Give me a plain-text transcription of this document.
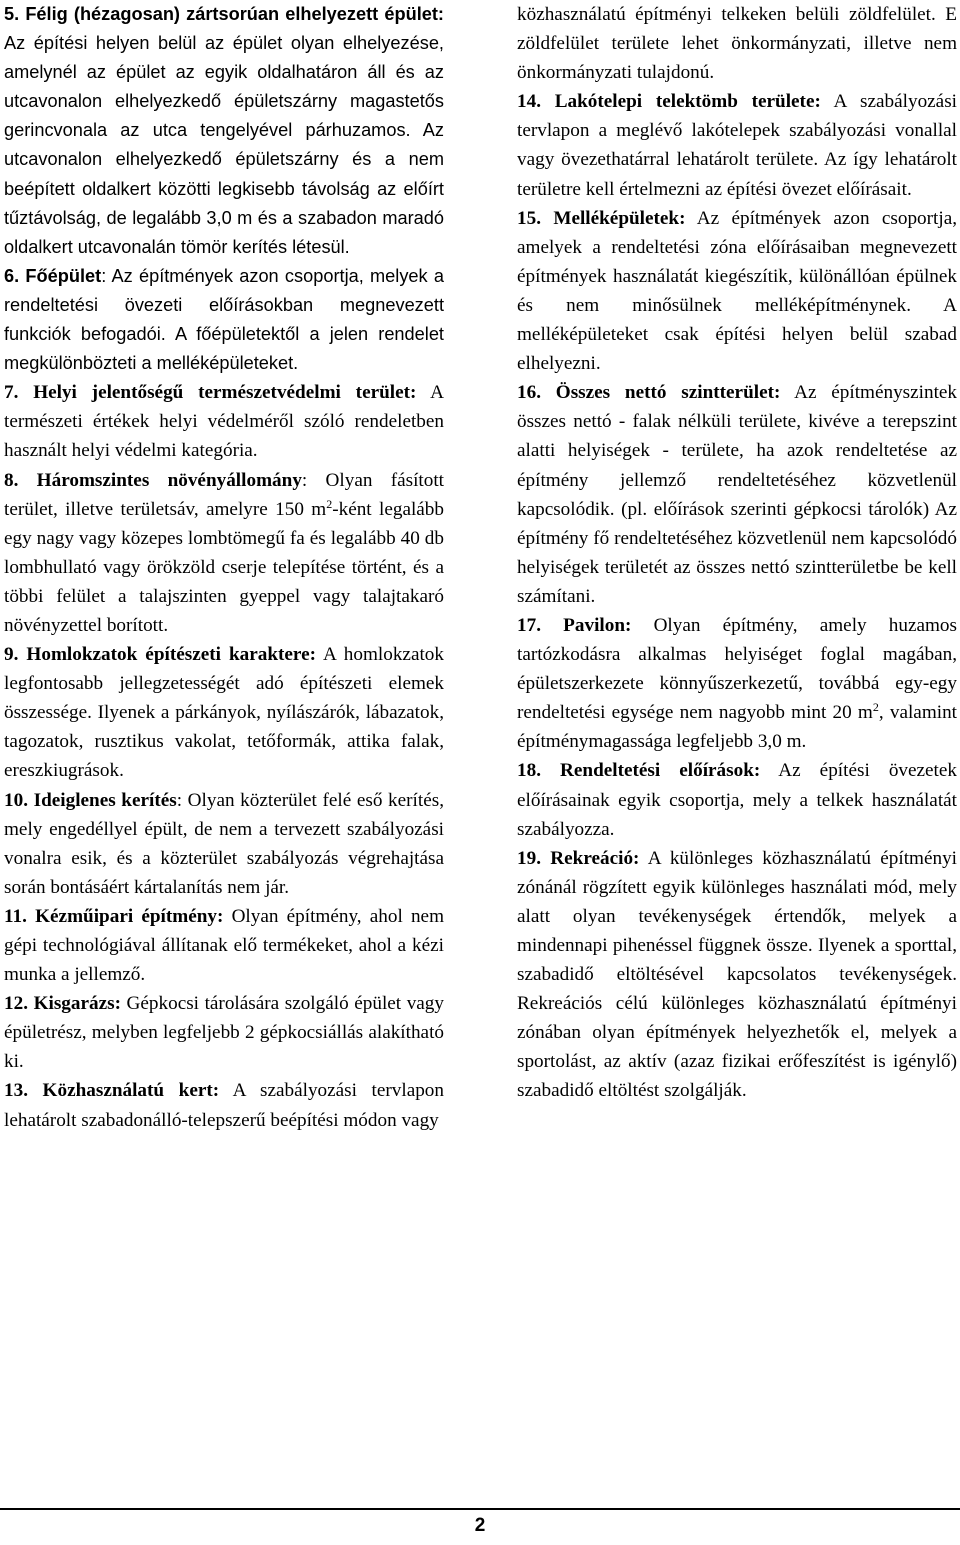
5. Félig (hézagosan) zártsorúan elhelyezett épület: Az építési helyen belül az épület olyan elhelyezése, amelynél az épület az egyik oldalhatáron áll és az utcavonalon elhelyezkedő épületszárny magastetős gerincvonala az utca tengelyével párhuzamos. Az utcavonalon elhelyezkedő épületszárny és a nem beépített oldalkert közötti legkisebb távolság az előírt tűztávolság, de legalább 3,0 m és a szabadon maradó oldalkert utcavonalán tömör kerítés létesül.

6. Főépület: Az építmények azon csoportja, melyek a rendeltetési övezeti előírásokban megnevezett funkciók befogadói. A főépületektől a jelen rendelet megkülönbözteti a melléképületeket.

7. Helyi jelentőségű természetvédelmi terület: A természeti értékek helyi védelméről szóló rendeletben használt helyi védelmi kategória.

8. Háromszintes növényállomány: Olyan fásított terület, illetve területsáv, amelyre 150 $m^2$-ként legalább egy nagy vagy közepes lombtömegű fa és legalább 40 db lombhullató vagy örökzöld cserje telepítése történt, és a többi felület a talajszinten gyeppel vagy talajtakaró növényzettel borított.

9. Homlokzatok építészeti karaktere: A homlokzatok legfontosabb jellegzetességét adó építészeti elemek összessége. Ilyenek a párkányok, nyílászárók, lábazatok, tagozatok, rusztikus vakolat, tetőformák, attika falak, ereszkiugrások.

10. Ideiglenes kerítés: Olyan közterület felé eső kerítés, mely engedéllyel épült, de nem a tervezett szabályozási vonalra esik, és a közterület szabályozás végrehajtása során bontásáért kártalanítás nem jár.

11. Kézműipari építmény: Olyan építmény, ahol nem gépi technológiával állítanak elő termékeket, ahol a kézi munka a jellemző.

12. Kisgarázs: Gépkocsi tárolására szolgáló épület vagy épületrész, melyben legfeljebb 2 gépkocsiállás alakítható ki.

13. Közhasználatú kert: A szabályozási tervlapon lehatárolt szabadonálló-telepszerű beépítési módon vagy

közhasználatú építményi telkeken belüli zöldfelület. E zöldfelület területe lehet önkormányzati, illetve nem önkormányzati tulajdonú.

14. Lakótelepi telektömb területe: A szabályozási tervlapon a meglévő lakótelepek szabályozási vonallal vagy övezethatárral lehatárolt területe. Az így lehatárolt területre kell értelmezni az építési övezet előírásait.

15. Melléképületek: Az építmények azon csoportja, amelyek a rendeltetési zóna előírásaiban megnevezett építmények használatát kiegészítik, különállóan épülnek és nem minősülnek melléképítménynek. A melléképületeket csak építési helyen belül szabad elhelyezni.

16. Összes nettó szintterület: Az építményszintek összes nettó - falak nélküli területe, kivéve a terepszint alatti helyiségek - területe, ha azok rendeltetése az építmény jellemző rendeltetéséhez közvetlenül kapcsolódik. (pl. előírások szerinti gépkocsi tárolók) Az építmény fő rendeltetéséhez közvetlenül nem kapcsolódó helyiségek területét az összes nettó szintterületbe be kell számítani.

17. Pavilon: Olyan építmény, amely huzamos tartózkodásra alkalmas helyiséget foglal magában, épületszerkezete könnyűszerkezetű, továbbá egy-egy rendeltetési egysége nem nagyobb mint 20 $m^2$, valamint építménymagassága legfeljebb 3,0 m.

18. Rendeltetési előírások: Az építési övezetek előírásainak egyik csoportja, mely a telkek használatát szabályozza.

19. Rekreáció: A különleges közhasználatú építményi zónánál rögzített egyik különleges használati mód, mely alatt olyan tevékenységek értendők, melyek a mindennapi pihenéssel függnek össze. Ilyenek a sporttal, szabadidő eltöltésével kapcsolatos tevékenységek. Rekreációs célú különleges közhasználatú építményi zónában olyan építmények helyezhetők el, melyek a sportolást, az aktív (azaz fizikai erőfeszítést is igénylő) szabadidő eltöltést szolgálják.

2
